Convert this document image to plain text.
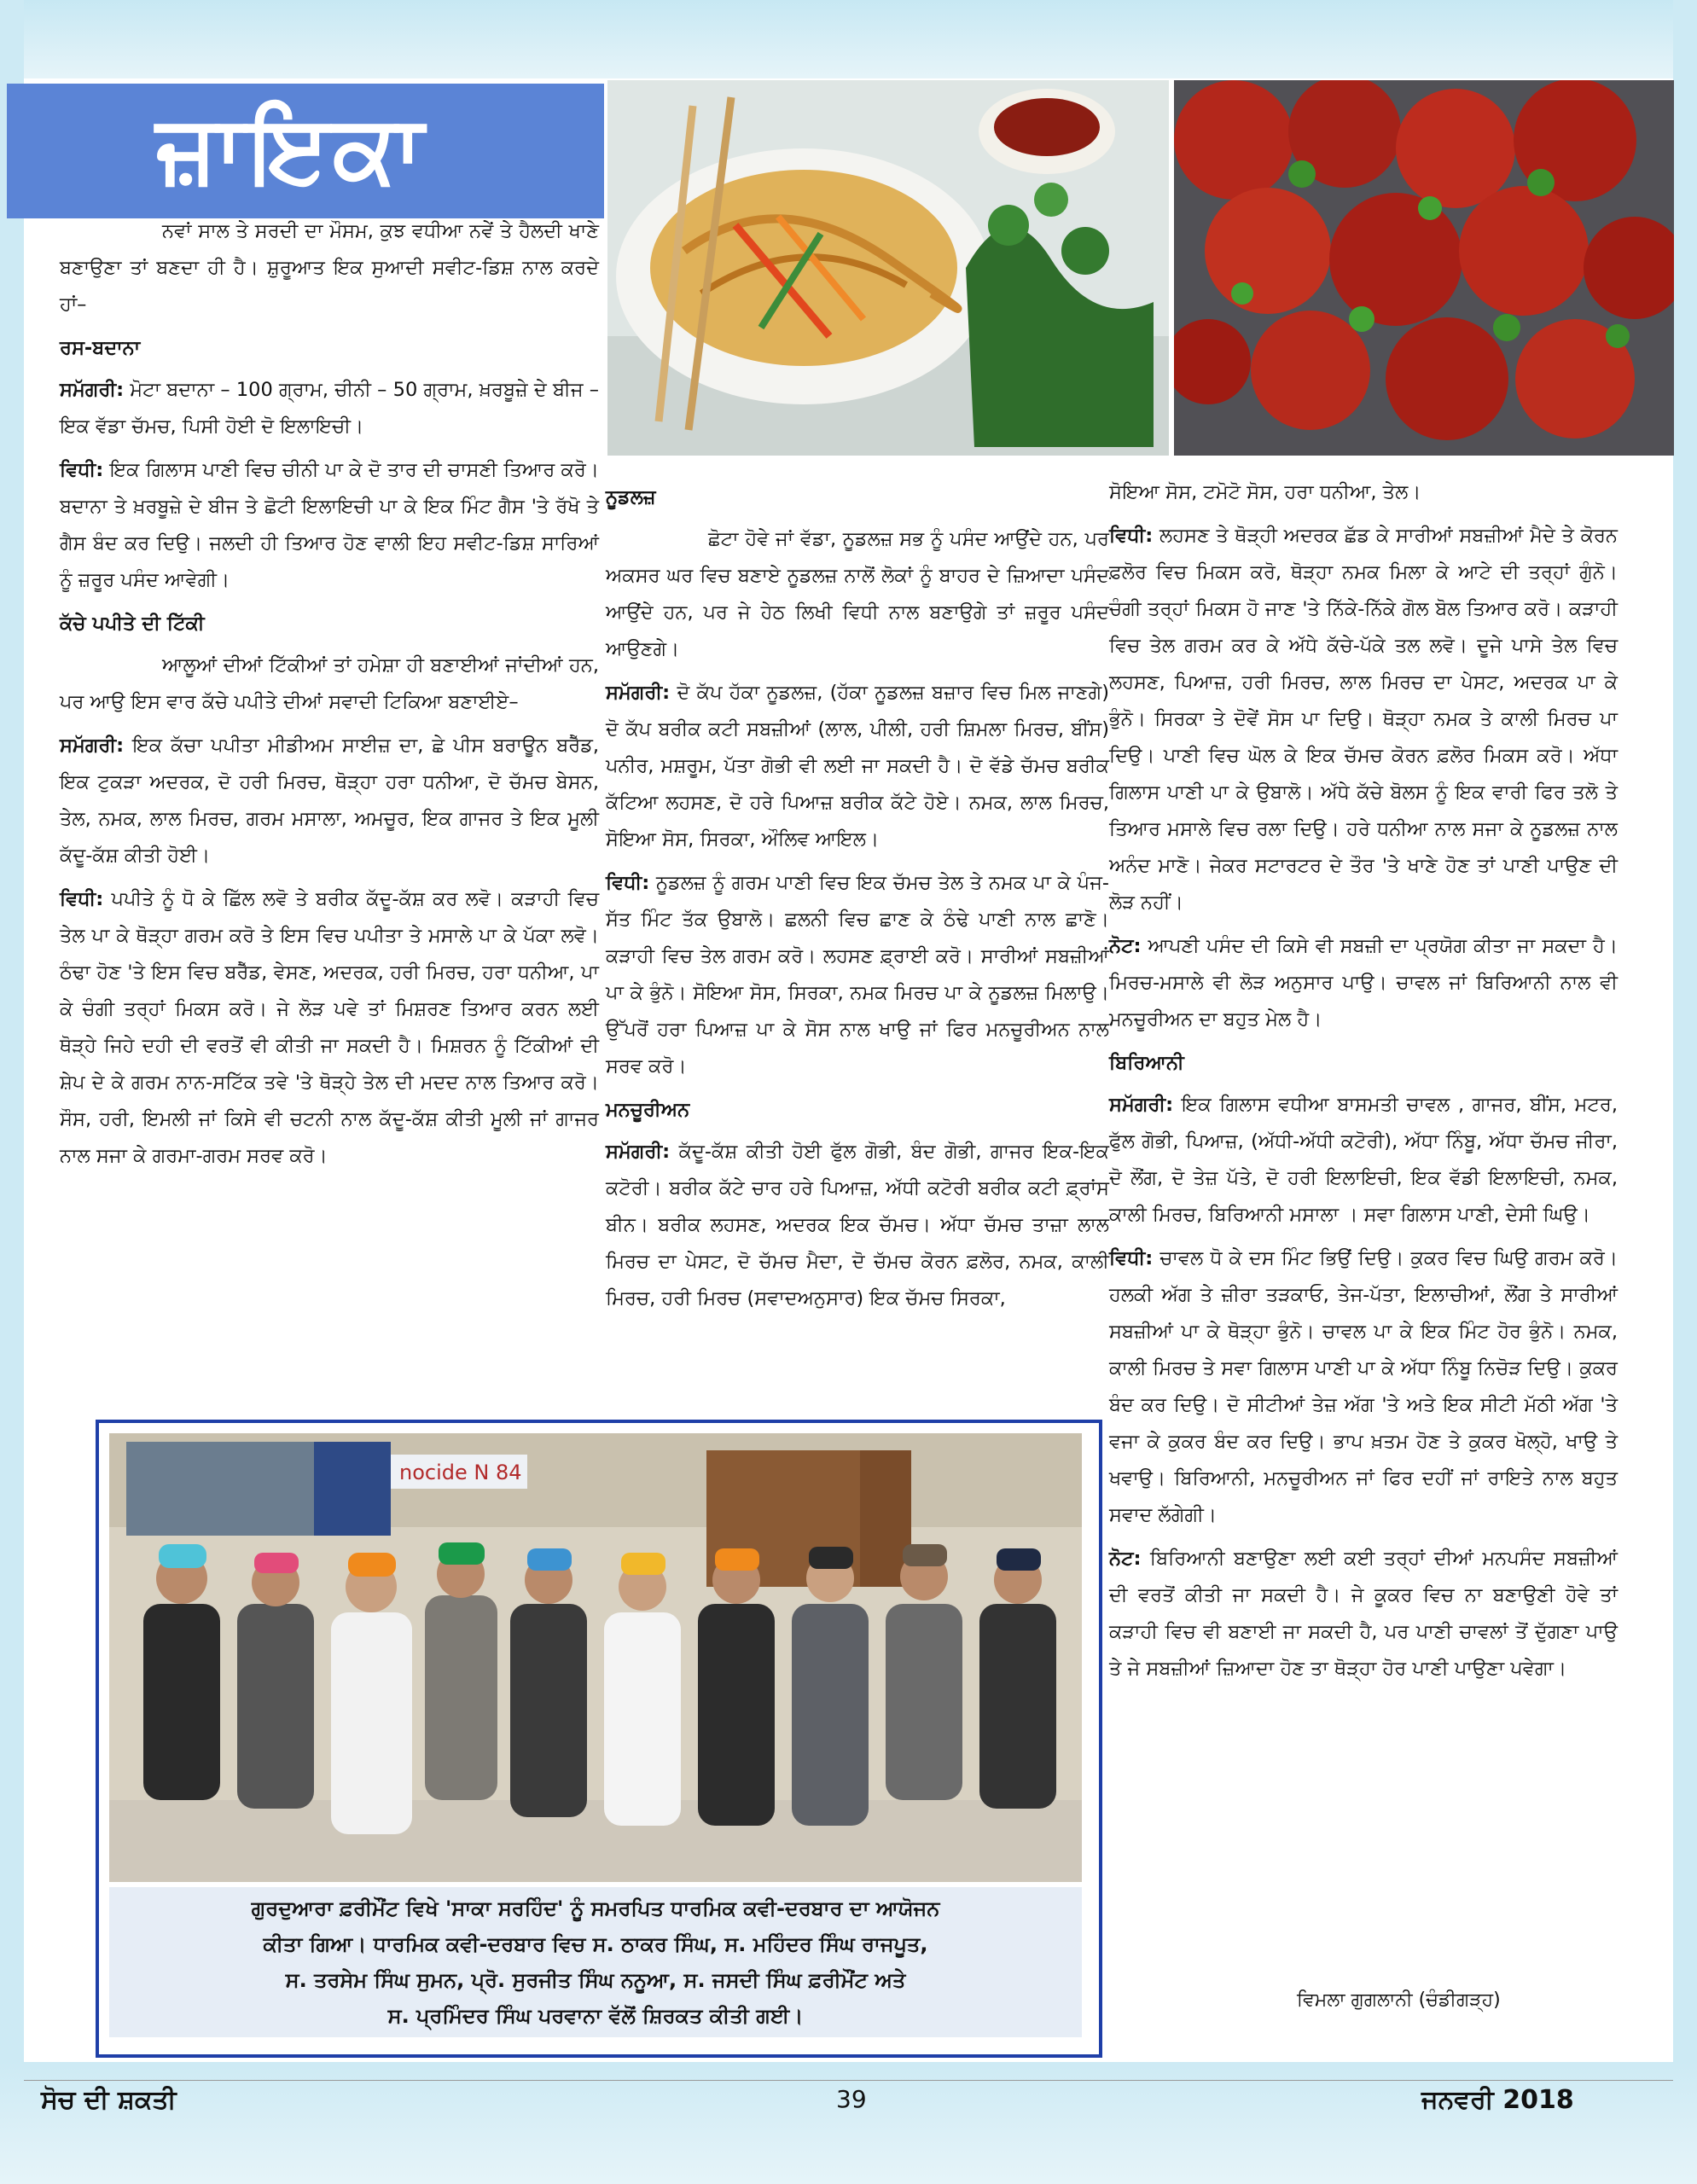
ਜ਼ਾਇਕਾ

ਨਵਾਂ ਸਾਲ ਤੇ ਸਰਦੀ ਦਾ ਮੌਸਮ, ਕੁਝ ਵਧੀਆ ਨਵੇਂ ਤੇ ਹੈਲਦੀ ਖਾਣੇ ਬਣਾਉਣਾ ਤਾਂ ਬਣਦਾ ਹੀ ਹੈ। ਸ਼ੁਰੂਆਤ ਇਕ ਸੁਆਦੀ ਸਵੀਟ-ਡਿਸ਼ ਨਾਲ ਕਰਦੇ ਹਾਂ–

ਰਸ-ਬਦਾਨਾ

ਸਮੱਗਰੀ: ਮੋਟਾ ਬਦਾਨਾ – 100 ਗ੍ਰਾਮ, ਚੀਨੀ – 50 ਗ੍ਰਾਮ, ਖ਼ਰਬੂਜ਼ੇ ਦੇ ਬੀਜ – ਇਕ ਵੱਡਾ ਚੱਮਚ, ਪਿਸੀ ਹੋਈ ਦੋ ਇਲਾਇਚੀ।

ਵਿਧੀ: ਇਕ ਗਿਲਾਸ ਪਾਣੀ ਵਿਚ ਚੀਨੀ ਪਾ ਕੇ ਦੋ ਤਾਰ ਦੀ ਚਾਸਣੀ ਤਿਆਰ ਕਰੋ। ਬਦਾਨਾ ਤੇ ਖ਼ਰਬੂਜ਼ੇ ਦੇ ਬੀਜ ਤੇ ਛੋਟੀ ਇਲਾਇਚੀ ਪਾ ਕੇ ਇਕ ਮਿੰਟ ਗੈਸ 'ਤੇ ਰੱਖੋ ਤੇ ਗੈਸ ਬੰਦ ਕਰ ਦਿਉ। ਜਲਦੀ ਹੀ ਤਿਆਰ ਹੋਣ ਵਾਲੀ ਇਹ ਸਵੀਟ-ਡਿਸ਼ ਸਾਰਿਆਂ ਨੂੰ ਜ਼ਰੂਰ ਪਸੰਦ ਆਵੇਗੀ।

ਕੱਚੇ ਪਪੀਤੇ ਦੀ ਟਿੱਕੀ

ਆਲੂਆਂ ਦੀਆਂ ਟਿੱਕੀਆਂ ਤਾਂ ਹਮੇਸ਼ਾ ਹੀ ਬਣਾਈਆਂ ਜਾਂਦੀਆਂ ਹਨ, ਪਰ ਆਉ ਇਸ ਵਾਰ ਕੱਚੇ ਪਪੀਤੇ ਦੀਆਂ ਸਵਾਦੀ ਟਿਕਿਆ ਬਣਾਈਏ–

ਸਮੱਗਰੀ: ਇਕ ਕੱਚਾ ਪਪੀਤਾ ਮੀਡੀਅਮ ਸਾਈਜ਼ ਦਾ, ਛੇ ਪੀਸ ਬਰਾਊਨ ਬਰੈੱਡ, ਇਕ ਟੁਕੜਾ ਅਦਰਕ, ਦੋ ਹਰੀ ਮਿਰਚ, ਥੋੜ੍ਹਾ ਹਰਾ ਧਨੀਆ, ਦੋ ਚੱਮਚ ਬੇਸਨ, ਤੇਲ, ਨਮਕ, ਲਾਲ ਮਿਰਚ, ਗਰਮ ਮਸਾਲਾ, ਅਮਚੂਰ, ਇਕ ਗਾਜਰ ਤੇ ਇਕ ਮੂਲੀ ਕੱਦੂ-ਕੱਸ਼ ਕੀਤੀ ਹੋਈ।

ਵਿਧੀ: ਪਪੀਤੇ ਨੂੰ ਧੋ ਕੇ ਛਿੱਲ ਲਵੋ ਤੇ ਬਰੀਕ ਕੱਦੂ-ਕੱਸ਼ ਕਰ ਲਵੋ। ਕੜਾਹੀ ਵਿਚ ਤੇਲ ਪਾ ਕੇ ਥੋੜ੍ਹਾ ਗਰਮ ਕਰੋ ਤੇ ਇਸ ਵਿਚ ਪਪੀਤਾ ਤੇ ਮਸਾਲੇ ਪਾ ਕੇ ਪੱਕਾ ਲਵੋ। ਠੰਢਾ ਹੋਣ 'ਤੇ ਇਸ ਵਿਚ ਬਰੈੱਡ, ਵੇਸਣ, ਅਦਰਕ, ਹਰੀ ਮਿਰਚ, ਹਰਾ ਧਨੀਆ, ਪਾ ਕੇ ਚੰਗੀ ਤਰ੍ਹਾਂ ਮਿਕਸ ਕਰੋ। ਜੇ ਲੋੜ ਪਵੇ ਤਾਂ ਮਿਸ਼ਰਣ ਤਿਆਰ ਕਰਨ ਲਈ ਥੋੜ੍ਹੇ ਜਿਹੇ ਦਹੀ ਦੀ ਵਰਤੋਂ ਵੀ ਕੀਤੀ ਜਾ ਸਕਦੀ ਹੈ। ਮਿਸ਼ਰਨ ਨੂੰ ਟਿੱਕੀਆਂ ਦੀ ਸ਼ੇਪ ਦੇ ਕੇ ਗਰਮ ਨਾਨ-ਸਟਿੱਕ ਤਵੇ 'ਤੇ ਥੋੜ੍ਹੇ ਤੇਲ ਦੀ ਮਦਦ ਨਾਲ ਤਿਆਰ ਕਰੋ। ਸੌਸ, ਹਰੀ, ਇਮਲੀ ਜਾਂ ਕਿਸੇ ਵੀ ਚਟਨੀ ਨਾਲ ਕੱਦੂ-ਕੱਸ਼ ਕੀਤੀ ਮੂਲੀ ਜਾਂ ਗਾਜਰ ਨਾਲ ਸਜਾ ਕੇ ਗਰਮਾ-ਗਰਮ ਸਰਵ ਕਰੋ।

ਨੂਡਲਜ਼

ਛੋਟਾ ਹੋਵੇ ਜਾਂ ਵੱਡਾ, ਨੂਡਲਜ਼ ਸਭ ਨੂੰ ਪਸੰਦ ਆਉਂਦੇ ਹਨ, ਪਰ ਅਕਸਰ ਘਰ ਵਿਚ ਬਣਾਏ ਨੂਡਲਜ਼ ਨਾਲੋਂ ਲੋਕਾਂ ਨੂੰ ਬਾਹਰ ਦੇ ਜ਼ਿਆਦਾ ਪਸੰਦ ਆਉਂਦੇ ਹਨ, ਪਰ ਜੇ ਹੇਠ ਲਿਖੀ ਵਿਧੀ ਨਾਲ ਬਣਾਉਗੇ ਤਾਂ ਜ਼ਰੂਰ ਪਸੰਦ ਆਉਣਗੇ।

ਸਮੱਗਰੀ: ਦੋ ਕੱਪ ਹੱਕਾ ਨੂਡਲਜ਼, (ਹੱਕਾ ਨੂਡਲਜ਼ ਬਜ਼ਾਰ ਵਿਚ ਮਿਲ ਜਾਣਗੇ) ਦੋ ਕੱਪ ਬਰੀਕ ਕਟੀ ਸਬਜ਼ੀਆਂ (ਲਾਲ, ਪੀਲੀ, ਹਰੀ ਸ਼ਿਮਲਾ ਮਿਰਚ, ਬੀਂਸ) ਪਨੀਰ, ਮਸ਼ਰੂਮ, ਪੱਤਾ ਗੋਭੀ ਵੀ ਲਈ ਜਾ ਸਕਦੀ ਹੈ। ਦੋ ਵੱਡੇ ਚੱਮਚ ਬਰੀਕ ਕੱਟਿਆ ਲਹਸਣ, ਦੋ ਹਰੇ ਪਿਆਜ਼ ਬਰੀਕ ਕੱਟੇ ਹੋਏ। ਨਮਕ, ਲਾਲ ਮਿਰਚ, ਸੋਇਆ ਸੋਸ, ਸਿਰਕਾ, ਔਲਿਵ ਆਇਲ।

ਵਿਧੀ: ਨੂਡਲਜ਼ ਨੂੰ ਗਰਮ ਪਾਣੀ ਵਿਚ ਇਕ ਚੱਮਚ ਤੇਲ ਤੇ ਨਮਕ ਪਾ ਕੇ ਪੰਜ-ਸੱਤ ਮਿੰਟ ਤੱਕ ਉਬਾਲੋ। ਛਲਨੀ ਵਿਚ ਛਾਣ ਕੇ ਠੰਢੇ ਪਾਣੀ ਨਾਲ ਛਾਣੋ। ਕੜਾਹੀ ਵਿਚ ਤੇਲ ਗਰਮ ਕਰੋ। ਲਹਸਣ ਫ਼੍ਰਾਈ ਕਰੋ। ਸਾਰੀਆਂ ਸਬਜ਼ੀਆਂ ਪਾ ਕੇ ਭੁੰਨੋ। ਸੋਇਆ ਸੋਸ, ਸਿਰਕਾ, ਨਮਕ ਮਿਰਚ ਪਾ ਕੇ ਨੂਡਲਜ਼ ਮਿਲਾਉ। ਉੱਪਰੋਂ ਹਰਾ ਪਿਆਜ਼ ਪਾ ਕੇ ਸੋਸ ਨਾਲ ਖਾਉ ਜਾਂ ਫਿਰ ਮਨਚੂਰੀਅਨ ਨਾਲ ਸਰਵ ਕਰੋ।

ਮਨਚੂਰੀਅਨ

ਸਮੱਗਰੀ: ਕੱਦੂ-ਕੱਸ਼ ਕੀਤੀ ਹੋਈ ਫੁੱਲ ਗੋਭੀ, ਬੰਦ ਗੋਭੀ, ਗਾਜਰ ਇਕ-ਇਕ ਕਟੋਰੀ। ਬਰੀਕ ਕੱਟੇ ਚਾਰ ਹਰੇ ਪਿਆਜ਼, ਅੱਧੀ ਕਟੋਰੀ ਬਰੀਕ ਕਟੀ ਫ਼੍ਰਾਂਸ ਬੀਨ। ਬਰੀਕ ਲਹਸਣ, ਅਦਰਕ ਇਕ ਚੱਮਚ। ਅੱਧਾ ਚੱਮਚ ਤਾਜ਼ਾ ਲਾਲ ਮਿਰਚ ਦਾ ਪੇਸਟ, ਦੋ ਚੱਮਚ ਮੈਦਾ, ਦੋ ਚੱਮਚ ਕੋਰਨ ਫ਼ਲੋਰ, ਨਮਕ, ਕਾਲੀ ਮਿਰਚ, ਹਰੀ ਮਿਰਚ (ਸਵਾਦਅਨੁਸਾਰ) ਇਕ ਚੱਮਚ ਸਿਰਕਾ,

ਸੋਇਆ ਸੋਸ, ਟਮੋਟੋ ਸੋਸ, ਹਰਾ ਧਨੀਆ, ਤੇਲ।

ਵਿਧੀ: ਲਹਸਣ ਤੇ ਥੋੜ੍ਹੀ ਅਦਰਕ ਛੱਡ ਕੇ ਸਾਰੀਆਂ ਸਬਜ਼ੀਆਂ ਮੈਦੇ ਤੇ ਕੋਰਨ ਫ਼ਲੋਰ ਵਿਚ ਮਿਕਸ ਕਰੋ, ਥੋੜ੍ਹਾ ਨਮਕ ਮਿਲਾ ਕੇ ਆਟੇ ਦੀ ਤਰ੍ਹਾਂ ਗੁੰਨੋ। ਚੰਗੀ ਤਰ੍ਹਾਂ ਮਿਕਸ ਹੋ ਜਾਣ 'ਤੇ ਨਿੱਕੇ-ਨਿੱਕੇ ਗੋਲ ਬੋਲ ਤਿਆਰ ਕਰੋ। ਕੜਾਹੀ ਵਿਚ ਤੇਲ ਗਰਮ ਕਰ ਕੇ ਅੱਧੇ ਕੱਚੇ-ਪੱਕੇ ਤਲ ਲਵੋ। ਦੂਜੇ ਪਾਸੇ ਤੇਲ ਵਿਚ ਲਹਸਣ, ਪਿਆਜ਼, ਹਰੀ ਮਿਰਚ, ਲਾਲ ਮਿਰਚ ਦਾ ਪੇਸਟ, ਅਦਰਕ ਪਾ ਕੇ ਭੁੰਨੋ। ਸਿਰਕਾ ਤੇ ਦੋਵੇਂ ਸੋਸ ਪਾ ਦਿਉ। ਥੋੜ੍ਹਾ ਨਮਕ ਤੇ ਕਾਲੀ ਮਿਰਚ ਪਾ ਦਿਉ। ਪਾਣੀ ਵਿਚ ਘੋਲ ਕੇ ਇਕ ਚੱਮਚ ਕੋਰਨ ਫ਼ਲੋਰ ਮਿਕਸ ਕਰੋ। ਅੱਧਾ ਗਿਲਾਸ ਪਾਣੀ ਪਾ ਕੇ ਉਬਾਲੋ। ਅੱਧੇ ਕੱਚੇ ਬੋਲਸ ਨੂੰ ਇਕ ਵਾਰੀ ਫਿਰ ਤਲੋ ਤੇ ਤਿਆਰ ਮਸਾਲੇ ਵਿਚ ਰਲਾ ਦਿਉ। ਹਰੇ ਧਨੀਆ ਨਾਲ ਸਜਾ ਕੇ ਨੂਡਲਜ਼ ਨਾਲ ਅਨੰਦ ਮਾਣੋ। ਜੇਕਰ ਸਟਾਰਟਰ ਦੇ ਤੌਰ 'ਤੇ ਖਾਣੇ ਹੋਣ ਤਾਂ ਪਾਣੀ ਪਾਉਣ ਦੀ ਲੋੜ ਨਹੀਂ।

ਨੋਟ: ਆਪਣੀ ਪਸੰਦ ਦੀ ਕਿਸੇ ਵੀ ਸਬਜ਼ੀ ਦਾ ਪ੍ਰਯੋਗ ਕੀਤਾ ਜਾ ਸਕਦਾ ਹੈ। ਮਿਰਚ-ਮਸਾਲੇ ਵੀ ਲੋੜ ਅਨੁਸਾਰ ਪਾਉ। ਚਾਵਲ ਜਾਂ ਬਿਰਿਆਨੀ ਨਾਲ ਵੀ ਮਨਚੂਰੀਅਨ ਦਾ ਬਹੁਤ ਮੇਲ ਹੈ।

ਬਿਰਿਆਨੀ

ਸਮੱਗਰੀ: ਇਕ ਗਿਲਾਸ ਵਧੀਆ ਬਾਸਮਤੀ ਚਾਵਲ , ਗਾਜਰ, ਬੀਂਸ, ਮਟਰ, ਫੁੱਲ ਗੋਭੀ, ਪਿਆਜ਼, (ਅੱਧੀ-ਅੱਧੀ ਕਟੋਰੀ), ਅੱਧਾ ਨਿੰਬੂ, ਅੱਧਾ ਚੱਮਚ ਜੀਰਾ, ਦੋ ਲੌਂਗ, ਦੋ ਤੇਜ਼ ਪੱਤੇ, ਦੋ ਹਰੀ ਇਲਾਇਚੀ, ਇਕ ਵੱਡੀ ਇਲਾਇਚੀ, ਨਮਕ, ਕਾਲੀ ਮਿਰਚ, ਬਿਰਿਆਨੀ ਮਸਾਲਾ । ਸਵਾ ਗਿਲਾਸ ਪਾਣੀ, ਦੇਸੀ ਘਿਉ।

ਵਿਧੀ: ਚਾਵਲ ਧੋ ਕੇ ਦਸ ਮਿੰਟ ਭਿਉਂ ਦਿਉ। ਕੁਕਰ ਵਿਚ ਘਿਉ ਗਰਮ ਕਰੋ। ਹਲਕੀ ਅੱਗ ਤੇ ਜ਼ੀਰਾ ਤੜਕਾਓ, ਤੇਜ-ਪੱਤਾ, ਇਲਾਚੀਆਂ, ਲੌਂਗ ਤੇ ਸਾਰੀਆਂ ਸਬਜ਼ੀਆਂ ਪਾ ਕੇ ਥੋੜ੍ਹਾ ਭੁੰਨੋ। ਚਾਵਲ ਪਾ ਕੇ ਇਕ ਮਿੰਟ ਹੋਰ ਭੁੰਨੋ। ਨਮਕ, ਕਾਲੀ ਮਿਰਚ ਤੇ ਸਵਾ ਗਿਲਾਸ ਪਾਣੀ ਪਾ ਕੇ ਅੱਧਾ ਨਿੰਬੂ ਨਿਚੋੜ ਦਿਉ। ਕੁਕਰ ਬੰਦ ਕਰ ਦਿਉ। ਦੋ ਸੀਟੀਆਂ ਤੇਜ਼ ਅੱਗ 'ਤੇ ਅਤੇ ਇਕ ਸੀਟੀ ਮੱਠੀ ਅੱਗ 'ਤੇ ਵਜਾ ਕੇ ਕੁਕਰ ਬੰਦ ਕਰ ਦਿਉ। ਭਾਪ ਖ਼ਤਮ ਹੋਣ ਤੇ ਕੁਕਰ ਖੋਲ੍ਹੋ, ਖਾਉ ਤੇ ਖਵਾਉ। ਬਿਰਿਆਨੀ, ਮਨਚੂਰੀਅਨ ਜਾਂ ਫਿਰ ਦਹੀਂ ਜਾਂ ਰਾਇਤੇ ਨਾਲ ਬਹੁਤ ਸਵਾਦ ਲੱਗੇਗੀ।

ਨੋਟ: ਬਿਰਿਆਨੀ ਬਣਾਉਣਾ ਲਈ ਕਈ ਤਰ੍ਹਾਂ ਦੀਆਂ ਮਨਪਸੰਦ ਸਬਜ਼ੀਆਂ ਦੀ ਵਰਤੋਂ ਕੀਤੀ ਜਾ ਸਕਦੀ ਹੈ। ਜੇ ਕੂਕਰ ਵਿਚ ਨਾ ਬਣਾਉਣੀ ਹੋਵੇ ਤਾਂ ਕੜਾਹੀ ਵਿਚ ਵੀ ਬਣਾਈ ਜਾ ਸਕਦੀ ਹੈ, ਪਰ ਪਾਣੀ ਚਾਵਲਾਂ ਤੋਂ ਦੁੱਗਣਾ ਪਾਉ ਤੇ ਜੇ ਸਬਜ਼ੀਆਂ ਜ਼ਿਆਦਾ ਹੋਣ ਤਾ ਥੋੜ੍ਹਾ ਹੋਰ ਪਾਣੀ ਪਾਉਣਾ ਪਵੇਗਾ।

ਵਿਮਲਾ ਗੁਗਲਾਨੀ (ਚੰਡੀਗੜ੍ਹ)
nocide N 84
ਗੁਰਦੁਆਰਾ ਫ਼ਰੀਮੌਂਟ ਵਿਖੇ 'ਸਾਕਾ ਸਰਹਿੰਦ' ਨੂੰ ਸਮਰਪਿਤ ਧਾਰਮਿਕ ਕਵੀ-ਦਰਬਾਰ ਦਾ ਆਯੋਜਨ
ਕੀਤਾ ਗਿਆ। ਧਾਰਮਿਕ ਕਵੀ-ਦਰਬਾਰ ਵਿਚ ਸ. ਠਾਕਰ ਸਿੰਘ, ਸ. ਮਹਿੰਦਰ ਸਿੰਘ ਰਾਜਪੂਤ,
ਸ. ਤਰਸੇਮ ਸਿੰਘ ਸੁਮਨ, ਪ੍ਰੋ. ਸੁਰਜੀਤ ਸਿੰਘ ਨਨੂਆ, ਸ. ਜਸਦੀ ਸਿੰਘ ਫ਼ਰੀਮੌਂਟ ਅਤੇ
ਸ. ਪ੍ਰਮਿੰਦਰ ਸਿੰਘ ਪਰਵਾਨਾ ਵੱਲੋਂ ਸ਼ਿਰਕਤ ਕੀਤੀ ਗਈ।
ਸੋਚ ਦੀ ਸ਼ਕਤੀ	39	ਜਨਵਰੀ 2018
